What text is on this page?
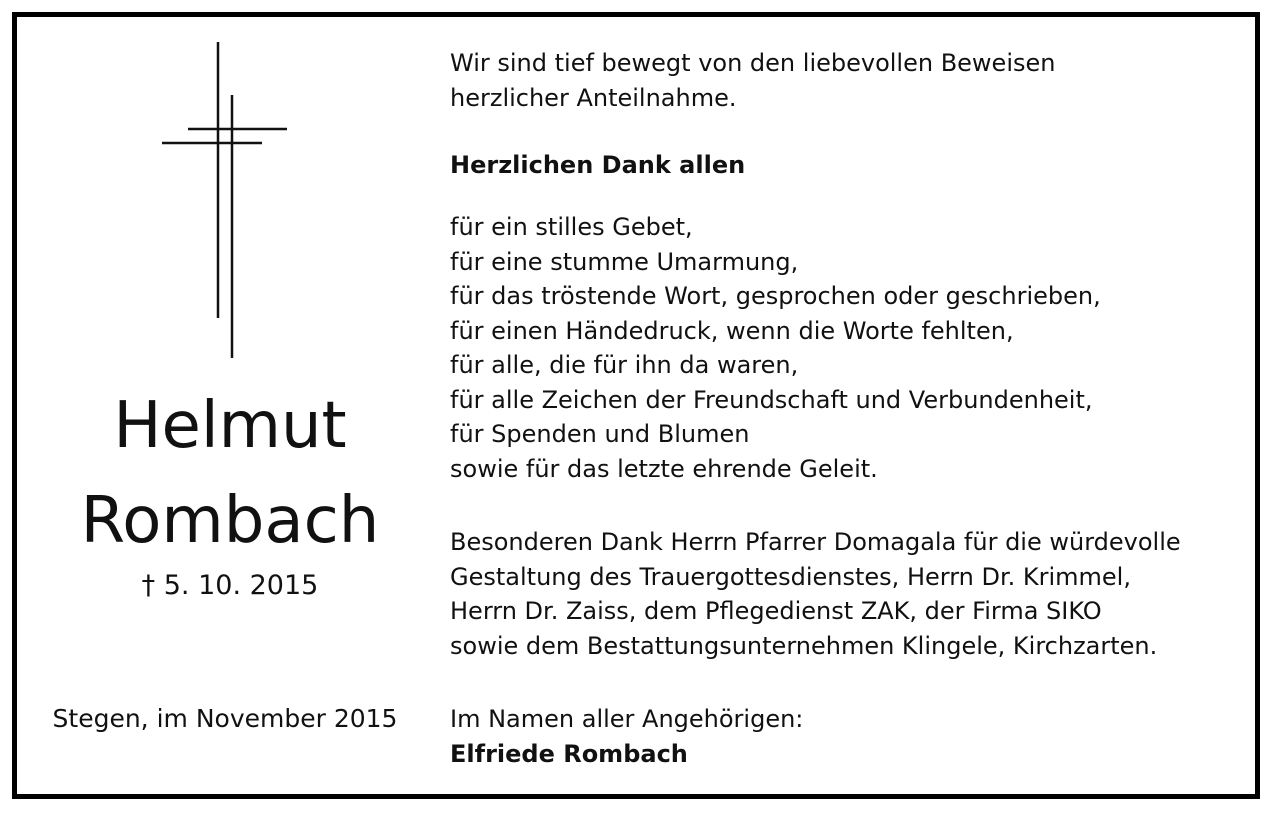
Helmut
Rombach
† 5. 10. 2015
Stegen, im November 2015

Wir sind tief bewegt von den liebevollen Beweisen

herzlicher Anteilnahme.

Herzlichen Dank allen

für ein stilles Gebet,

für eine stumme Umarmung,

für das tröstende Wort, gesprochen oder geschrieben,

für einen Händedruck, wenn die Worte fehlten,

für alle, die für ihn da waren,

für alle Zeichen der Freundschaft und Verbundenheit,

für Spenden und Blumen

sowie für das letzte ehrende Geleit.

Besonderen Dank Herrn Pfarrer Domagala für die würdevolle

Gestaltung des Trauergottesdienstes, Herrn Dr. Krimmel,

Herrn Dr. Zaiss, dem Pflegedienst ZAK, der Firma SIKO

sowie dem Bestattungsunternehmen Klingele, Kirchzarten.

Im Namen aller Angehörigen:

Elfriede Rombach
